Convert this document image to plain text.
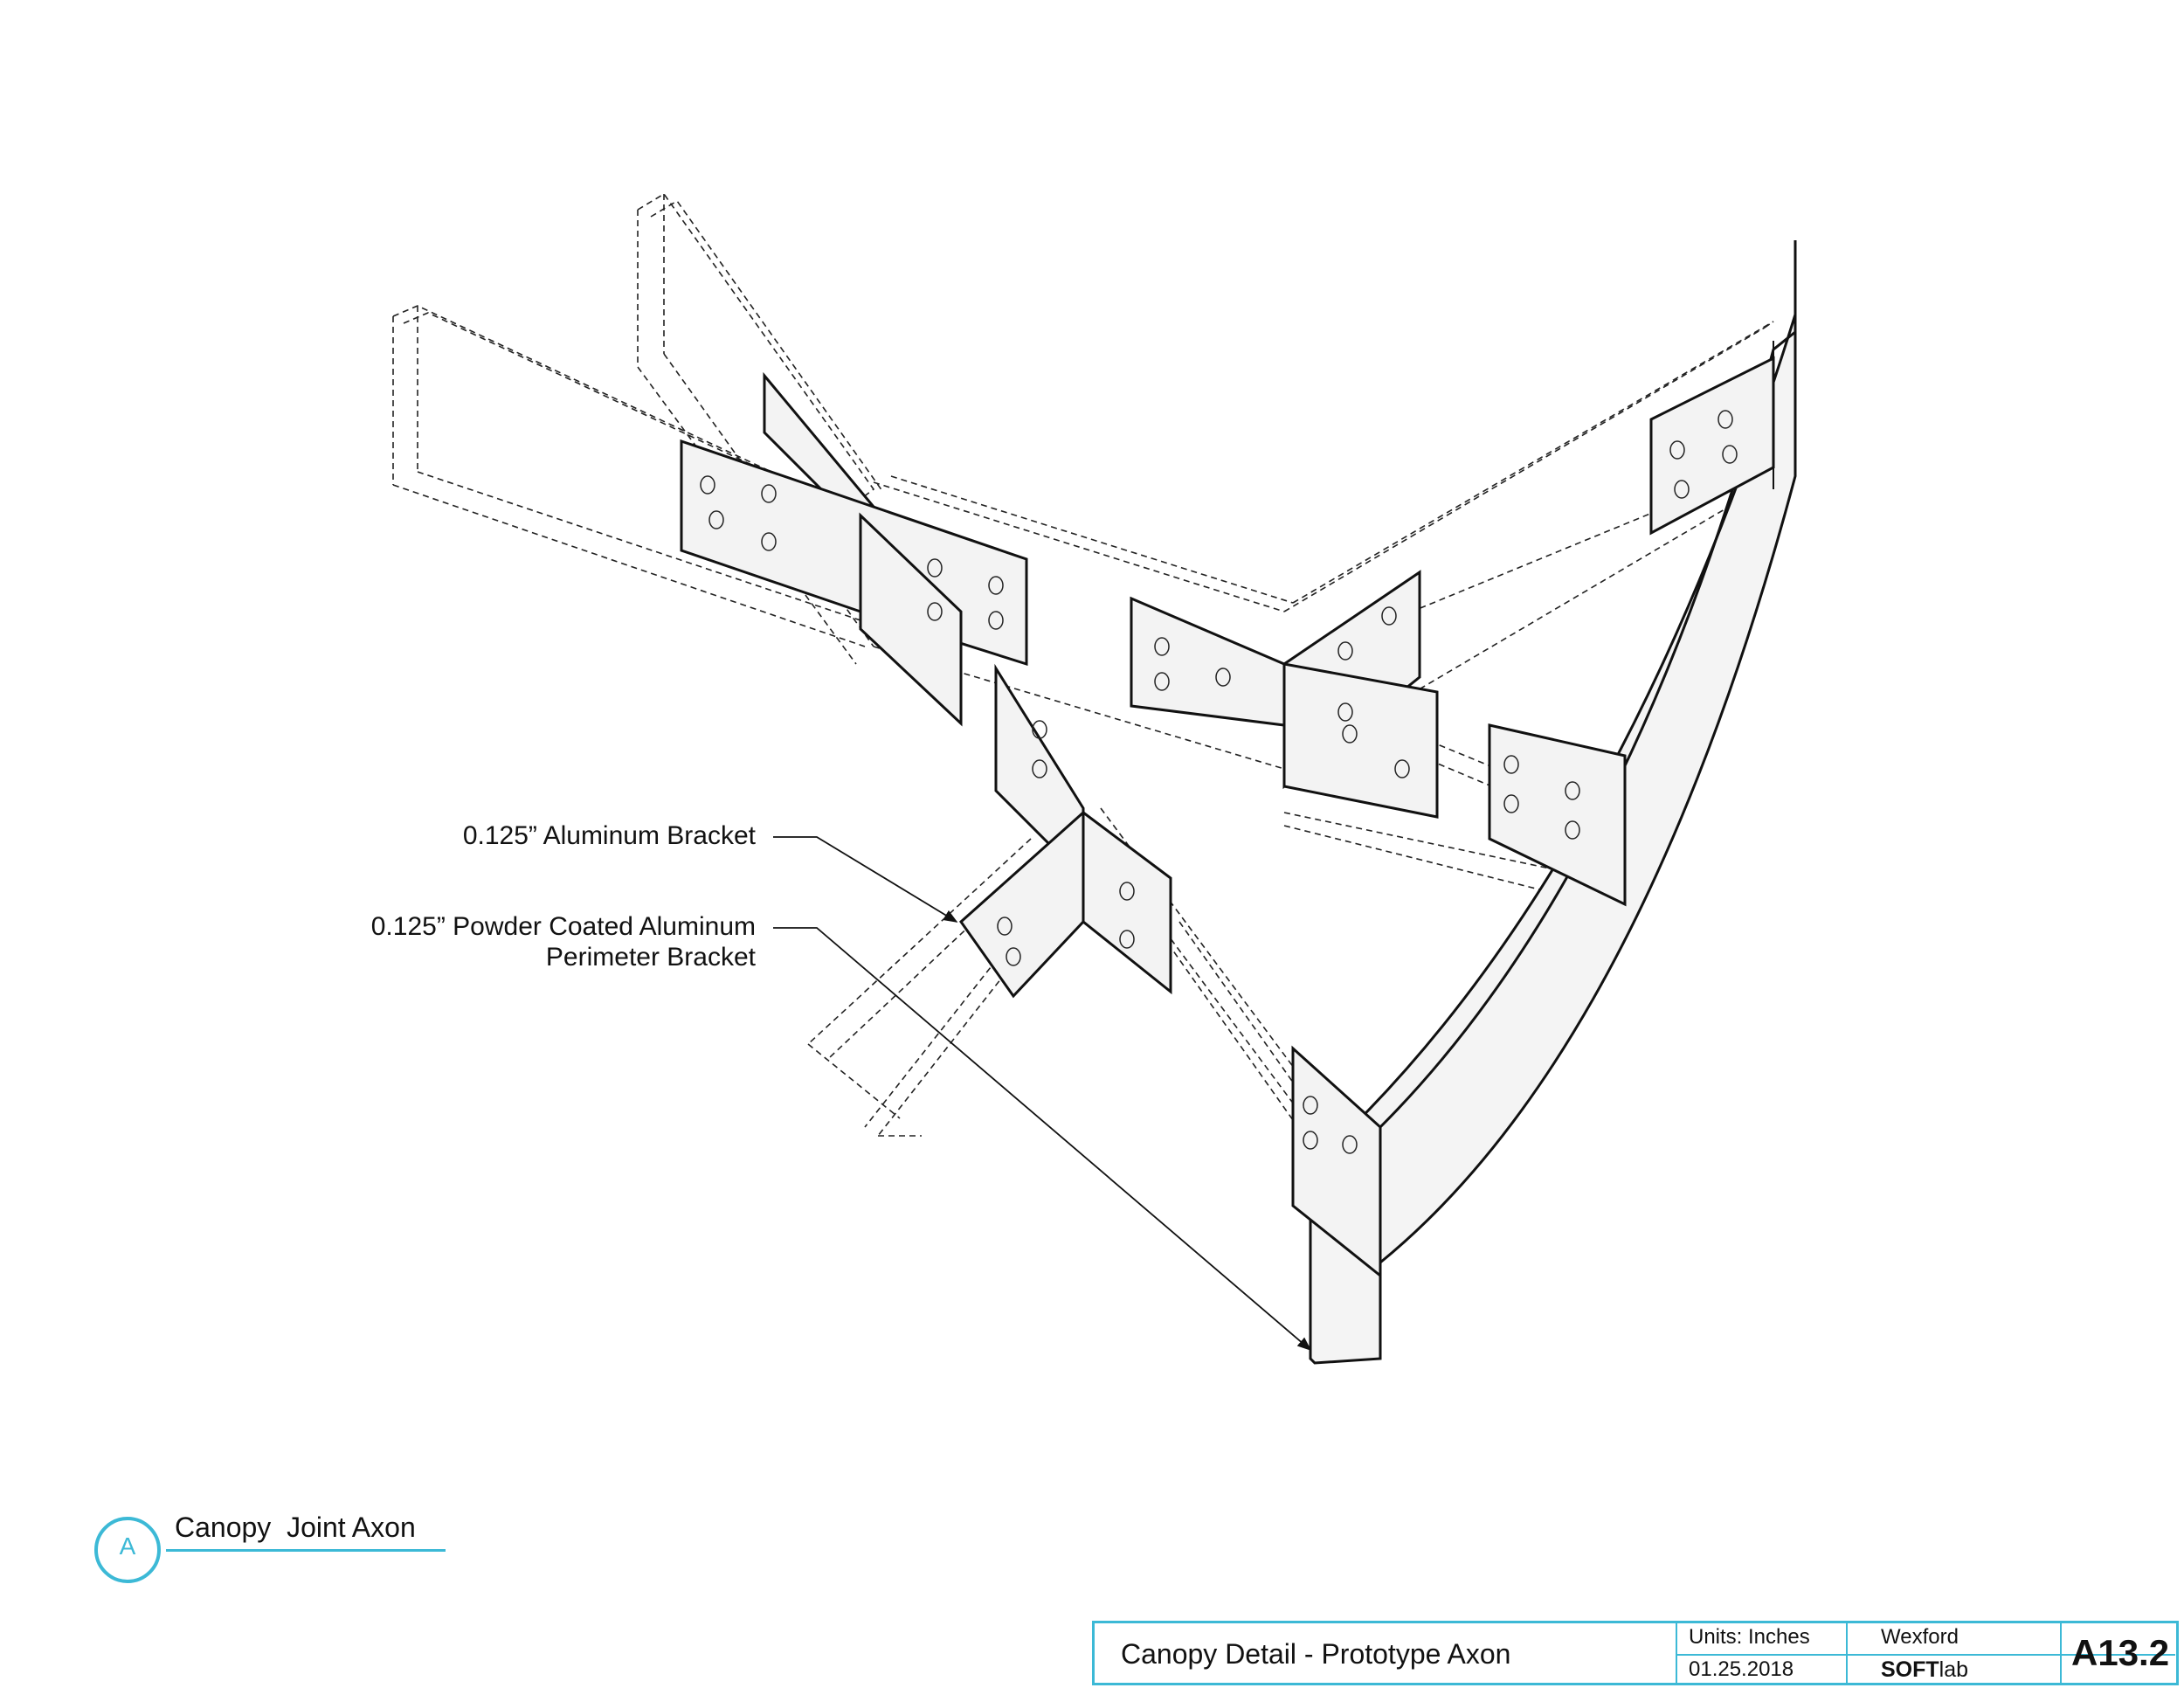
0.125” Aluminum Bracket
0.125” Powder Coated Aluminum
Perimeter Bracket
A
Canopy  Joint Axon
Canopy Detail - Prototype Axon
Units: Inches
01.25.2018
Wexford
SOFTlab	A13.2
